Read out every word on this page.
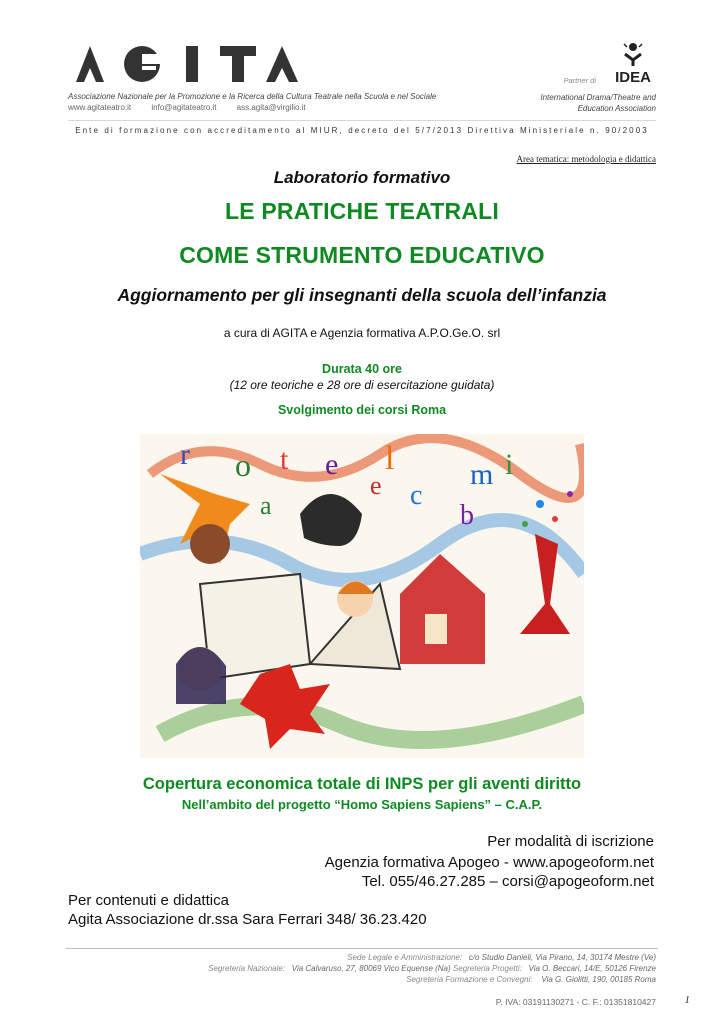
Associazione Nazionale per la Promozione e la Ricerca della Cultura Teatrale nella Scuola e nel Sociale
www.agitateatro.it	info@agitateatro.it	ass.agita@virgilio.it
Partner di IDEA
International Drama/Theatre and
Education Association
Ente di formazione con accreditamento al MIUR, decreto del 5/7/2013 Direttiva Ministeriale n. 90/2003
Area tematica: metodologia e didattica
Laboratorio formativo
LE PRATICHE TEATRALI
COME STRUMENTO EDUCATIVO
Aggiornamento per gli insegnanti della scuola dell’infanzia
a cura di AGITA e Agenzia formativa A.P.O.Ge.O. srl
Durata 40 ore
(12 ore teoriche e 28 ore di esercitazione guidata)
Svolgimento dei corsi Roma
r o t e l	m
a	c
b
e
i
Copertura economica totale di INPS per gli aventi diritto
Nell’ambito del progetto “Homo Sapiens Sapiens” – C.A.P.
Per modalità di iscrizione
Agenzia formativa Apogeo - www.apogeoform.net
Tel. 055/46.27.285 – corsi@apogeoform.net
Per contenuti e didattica
Agita Associazione dr.ssa Sara Ferrari 348/ 36.23.420
Sede Legale e Amministrazione: c/o Studio Danieli, Via Pirano, 14, 30174 Mestre (Ve)
Segreteria Nazionale: Via Calvaruso, 27, 80069 Vico Equense (Na) Segreteria Progetti: Via O. Beccari, 14/E, 50126 Firenze
Segreteria Formazione e Convegni: Via G. Giolitti, 190, 00185 Roma
P. IVA: 03191130271 - C. F.: 01351810427	1
